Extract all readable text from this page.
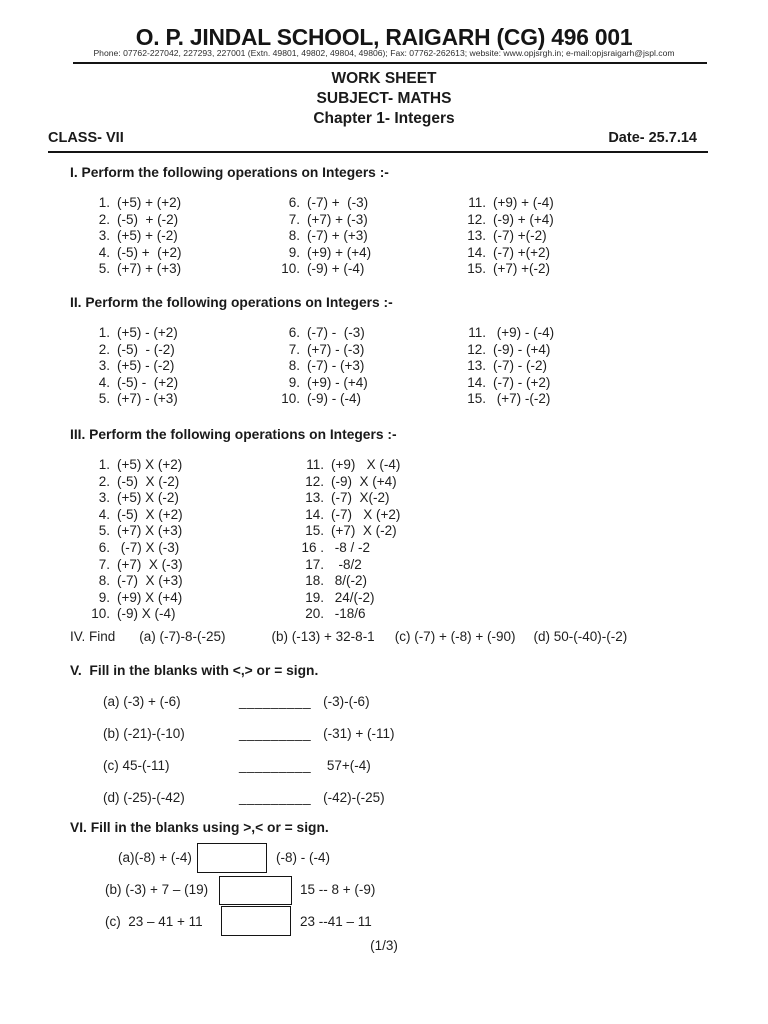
O. P. JINDAL SCHOOL, RAIGARH (CG) 496 001
Phone: 07762-227042, 227293, 227001 (Extn. 49801, 49802, 49804, 49806); Fax: 07762-262613; website: www.opjsrgh.in; e-mail:opjsraigarh@jspl.com
WORK SHEET
SUBJECT- MATHS
Chapter 1- Integers
CLASS- VII	Date- 25.7.14
I. Perform the following operations on Integers :-
1. (+5) + (+2)
2. (-5)  + (-2)
3. (+5) + (-2)
4. (-5) +  (+2)
5. (+7) + (+3)
6. (-7) +  (-3)
7. (+7) + (-3)
8. (-7) + (+3)
9. (+9) + (+4)
10. (-9) + (-4)
11. (+9) + (-4)
12. (-9) + (+4)
13. (-7) +(-2)
14. (-7) +(+2)
15. (+7) +(-2)
II. Perform the following operations on Integers :-
1. (+5) - (+2)
2. (-5)  - (-2)
3. (+5) - (-2)
4. (-5) -  (+2)
5. (+7) - (+3)
6. (-7) -  (-3)
7. (+7) - (-3)
8. (-7) - (+3)
9. (+9) - (+4)
10. (-9) - (-4)
11. (+9) - (-4)
12. (-9) - (+4)
13. (-7) - (-2)
14. (-7) - (+2)
15. (+7) -(-2)
III. Perform the following operations on Integers :-
1. (+5) X (+2)
2. (-5)  X (-2)
3. (+5) X (-2)
4. (-5)  X (+2)
5. (+7) X (+3)
6. (-7) X (-3)
7. (+7)  X (-3)
8. (-7)  X (+3)
9. (+9) X (+4)
10. (-9) X (-4)
11. (+9)   X (-4)
12. (-9)  X (+4)
13. (-7)  X(-2)
14. (-7)   X (+2)
15. (+7)  X (-2)
16 . -8 / -2
17. -8/2
18. 8/(-2)
19. 24/(-2)
20. -18/6
IV. Find (a) (-7)-8-(-25)	(b) (-13) + 32-8-1 (c) (-7) + (-8) + (-90) (d) 50-(-40)-(-2)
V.  Fill in the blanks with <,> or = sign.
(a) (-3) + (-6)	_________ (-3)-(-6)
(b) (-21)-(-10)	_________ (-31) + (-11)
(c) 45-(-11)	_________ 57+(-4)
(d) (-25)-(-42)	_________ (-42)-(-25)
VI. Fill in the blanks using >,< or = sign.
(a)(-8) + (-4)	(-8) - (-4)
(b) (-3) + 7 – (19)	15 -- 8 + (-9)
(c)  23 – 41 + 11	23 --41 – 11
(1/3)
